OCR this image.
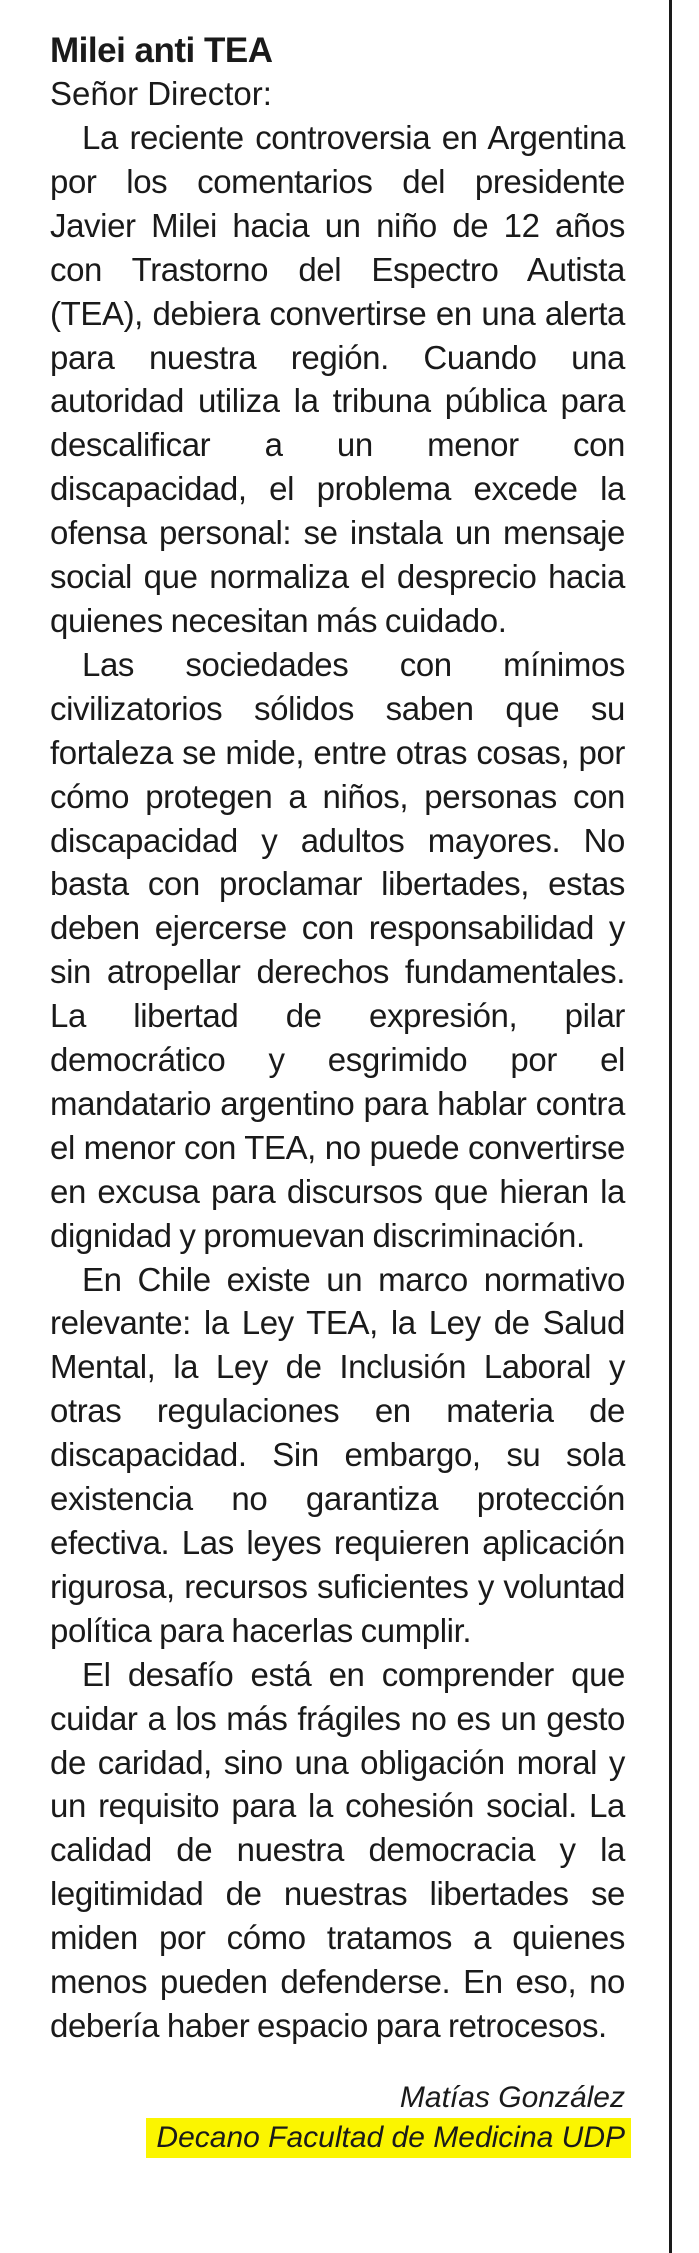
Milei anti TEA

Señor Director:

La reciente controversia en Argentina por los comentarios del presidente Javier Milei hacia un niño de 12 años con Trastorno del Espectro Autista (TEA), debiera convertirse en una alerta para nuestra región. Cuando una autoridad utiliza la tribuna pública para descalificar a un menor con discapacidad, el problema excede la ofensa personal: se instala un mensaje social que normaliza el desprecio hacia quienes necesitan más cuidado.

Las sociedades con mínimos civilizatorios sólidos saben que su fortaleza se mide, entre otras cosas, por cómo protegen a niños, personas con discapacidad y adultos mayores. No basta con proclamar libertades, estas deben ejercerse con responsabilidad y sin atropellar derechos fundamentales. La libertad de expresión, pilar democrático y esgrimido por el mandatario argentino para hablar contra el menor con TEA, no puede convertirse en excusa para discursos que hieran la dignidad y promuevan discriminación.

En Chile existe un marco normativo relevante: la Ley TEA, la Ley de Salud Mental, la Ley de Inclusión Laboral y otras regulaciones en materia de discapacidad. Sin embargo, su sola existencia no garantiza protección efectiva. Las leyes requieren aplicación rigurosa, recursos suficientes y voluntad política para hacerlas cumplir.

El desafío está en comprender que cuidar a los más frágiles no es un gesto de caridad, sino una obligación moral y un requisito para la cohesión social. La calidad de nuestra democracia y la legitimidad de nuestras libertades se miden por cómo tratamos a quienes menos pueden defenderse. En eso, no debería haber espacio para retrocesos.

Matías González

Decano Facultad de Medicina UDP
